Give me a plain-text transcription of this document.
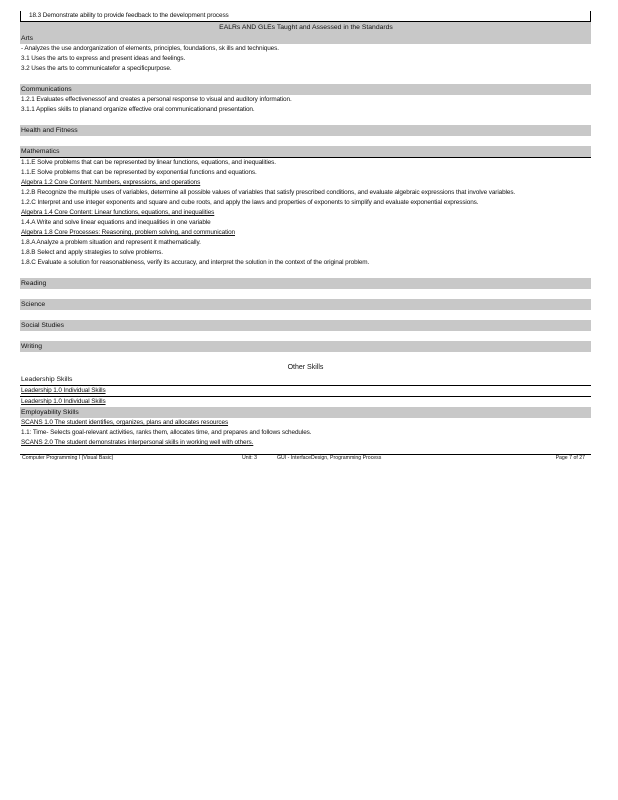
18.3 Demonstrate ability to provide feedback to the development process
EALRs AND GLEs Taught and Assessed in the Standards
Arts
- Analyzes the use andorganization of elements, principles, foundations, sk ills and techniques.
3.1 Uses the arts to express and present ideas and feelings.
3.2 Uses the arts to communicatefor a specificpurpose.
Communications
1.2.1 Evaluates effectivenessof and creates a personal response to visual and auditory information.
3.1.1 Applies skills to planand organize effective oral communicationand presentation.
Health and Fitness
Mathematics
1.1.E Solve problems that can be represented by linear functions, equations, and inequalities.
1.1.E Solve problems that can be represented by exponential functions and equations.
Algebra 1.2 Core Content: Numbers, expressions, and operations
1.2.B Recognize the multiple uses of variables, determine all possible values of variables that satisfy prescribed conditions, and evaluate algebraic expressions that involve variables.
1.2.C Interpret and use integer exponents and square and cube roots, and apply the laws and properties of exponents to simplify and evaluate exponential expressions.
Algebra 1.4 Core Content: Linear functions, equations, and inequalities
1.4.A Write and solve linear equations and inequalities in one variable
Algebra 1.8 Core Processes: Reasoning, problem solving, and communication
1.8.A Analyze a problem situation and represent it mathematically.
1.8.B Select and apply strategies to solve problems.
1.8.C Evaluate a solution for reasonableness, verify its accuracy, and interpret the solution in the context of the original problem.
Reading
Science
Social Studies
Writing
Other Skills
Leadership Skills
Leadership 1.0 Individual Skills
Leadership 1.0 Individual Skills
Employability Skills
SCANS 1.0 The student identifies, organizes, plans and allocates resources
1.1: Time- Selects goal-relevant activities, ranks them, allocates time, and prepares and follows schedules.
SCANS 2.0 The student demonstrates interpersonal skills in working well with others.
Computer Programming I (Visual Basic)	Unit: 3	GUI - InterfaceDesign, Programming Process	Page 7 of 27
